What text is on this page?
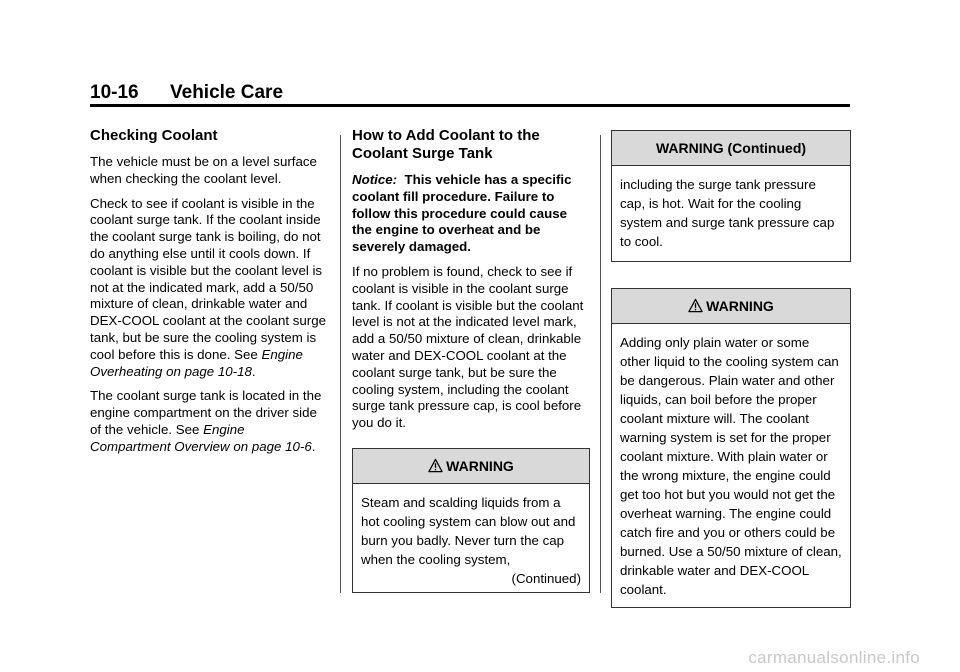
10-16 Vehicle Care
Checking Coolant

The vehicle must be on a level surface when checking the coolant level.

Check to see if coolant is visible in the coolant surge tank. If the coolant inside the coolant surge tank is boiling, do not do anything else until it cools down. If coolant is visible but the coolant level is not at the indicated mark, add a 50/50 mixture of clean, drinkable water and DEX-COOL coolant at the coolant surge tank, but be sure the cooling system is cool before this is done. See Engine Overheating on page 10‑18.

The coolant surge tank is located in the engine compartment on the driver side of the vehicle. See Engine Compartment Overview on page 10‑6.

How to Add Coolant to the Coolant Surge Tank

Notice: This vehicle has a specific coolant fill procedure. Failure to follow this procedure could cause the engine to overheat and be severely damaged.

If no problem is found, check to see if coolant is visible in the coolant surge tank. If coolant is visible but the coolant level is not at the indicated level mark, add a 50/50 mixture of clean, drinkable water and DEX-COOL coolant at the coolant surge tank, but be sure the cooling system, including the coolant surge tank pressure cap, is cool before you do it.

WARNING

Steam and scalding liquids from a hot cooling system can blow out and burn you badly. Never turn the cap when the cooling system,

(Continued)
WARNING (Continued)

including the surge tank pressure cap, is hot. Wait for the cooling system and surge tank pressure cap to cool.

WARNING

Adding only plain water or some other liquid to the cooling system can be dangerous. Plain water and other liquids, can boil before the proper coolant mixture will. The coolant warning system is set for the proper coolant mixture. With plain water or the wrong mixture, the engine could get too hot but you would not get the overheat warning. The engine could catch fire and you or others could be burned. Use a 50/50 mixture of clean, drinkable water and DEX-COOL coolant.

carmanualsonline.info
